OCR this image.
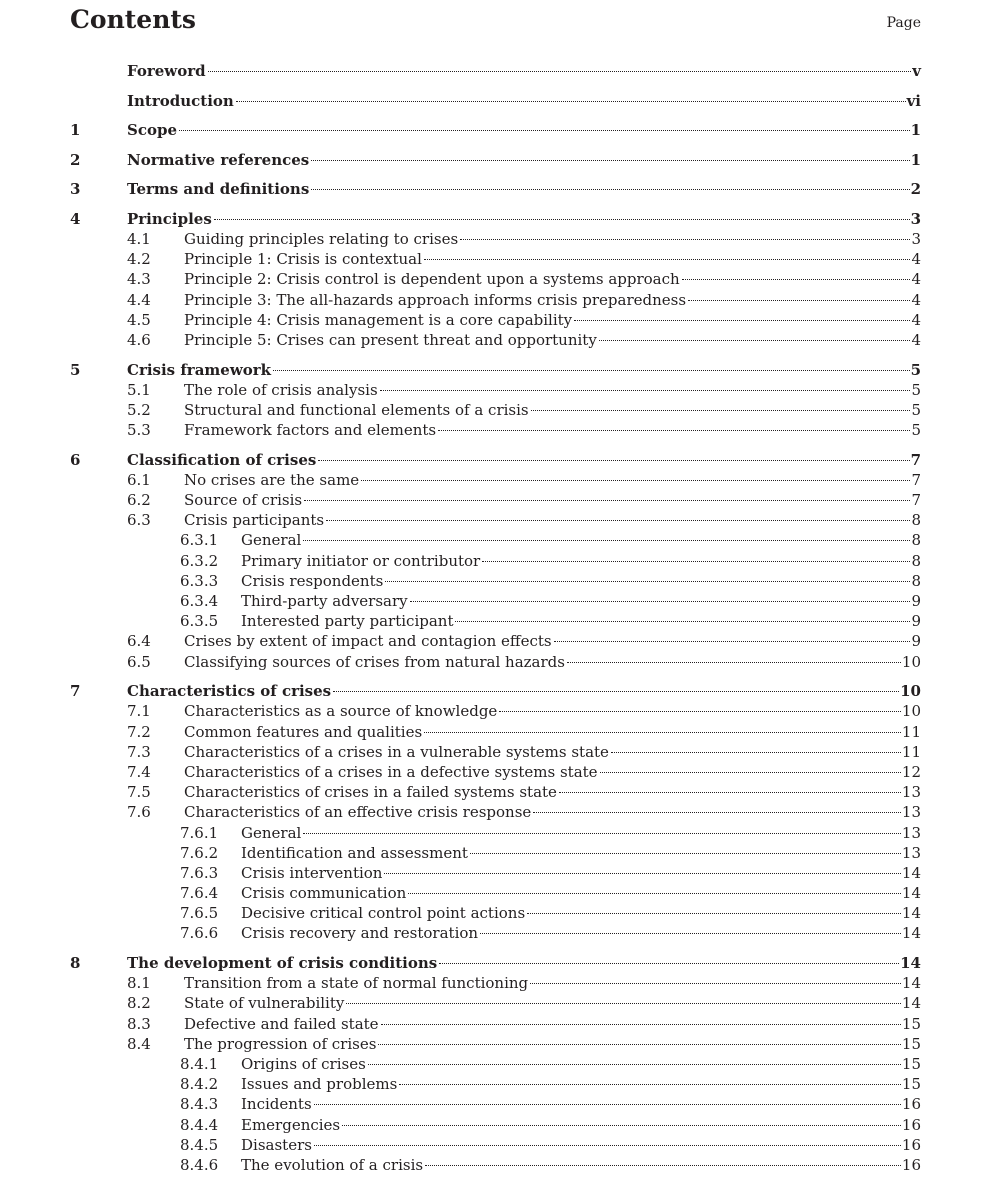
Contents	Page
Foreword	v
Introduction	vi
1	Scope	1
2	Normative references	1
3	Terms and definitions	2
4	Principles	3
4.1	Guiding principles relating to crises	3
4.2	Principle 1: Crisis is contextual	4
4.3	Principle 2: Crisis control is dependent upon a systems approach	4
4.4	Principle 3: The all-hazards approach informs crisis preparedness	4
4.5	Principle 4: Crisis management is a core capability	4
4.6	Principle 5: Crises can present threat and opportunity	4
5	Crisis framework	5
5.1	The role of crisis analysis	5
5.2	Structural and functional elements of a crisis	5
5.3	Framework factors and elements	5
6	Classification of crises	7
6.1	No crises are the same	7
6.2	Source of crisis	7
6.3	Crisis participants	8
6.3.1	General	8
6.3.2	Primary initiator or contributor	8
6.3.3	Crisis respondents	8
6.3.4	Third-party adversary	9
6.3.5	Interested party participant	9
6.4	Crises by extent of impact and contagion effects	9
6.5	Classifying sources of crises from natural hazards	10
7	Characteristics of crises	10
7.1	Characteristics as a source of knowledge	10
7.2	Common features and qualities	11
7.3	Characteristics of a crises in a vulnerable systems state	11
7.4	Characteristics of a crises in a defective systems state	12
7.5	Characteristics of crises in a failed systems state	13
7.6	Characteristics of an effective crisis response	13
7.6.1	General	13
7.6.2	Identification and assessment	13
7.6.3	Crisis intervention	14
7.6.4	Crisis communication	14
7.6.5	Decisive critical control point actions	14
7.6.6	Crisis recovery and restoration	14
8	The development of crisis conditions	14
8.1	Transition from a state of normal functioning	14
8.2	State of vulnerability	14
8.3	Defective and failed state	15
8.4	The progression of crises	15
8.4.1	Origins of crises	15
8.4.2	Issues and problems	15
8.4.3	Incidents	16
8.4.4	Emergencies	16
8.4.5	Disasters	16
8.4.6	The evolution of a crisis	16
